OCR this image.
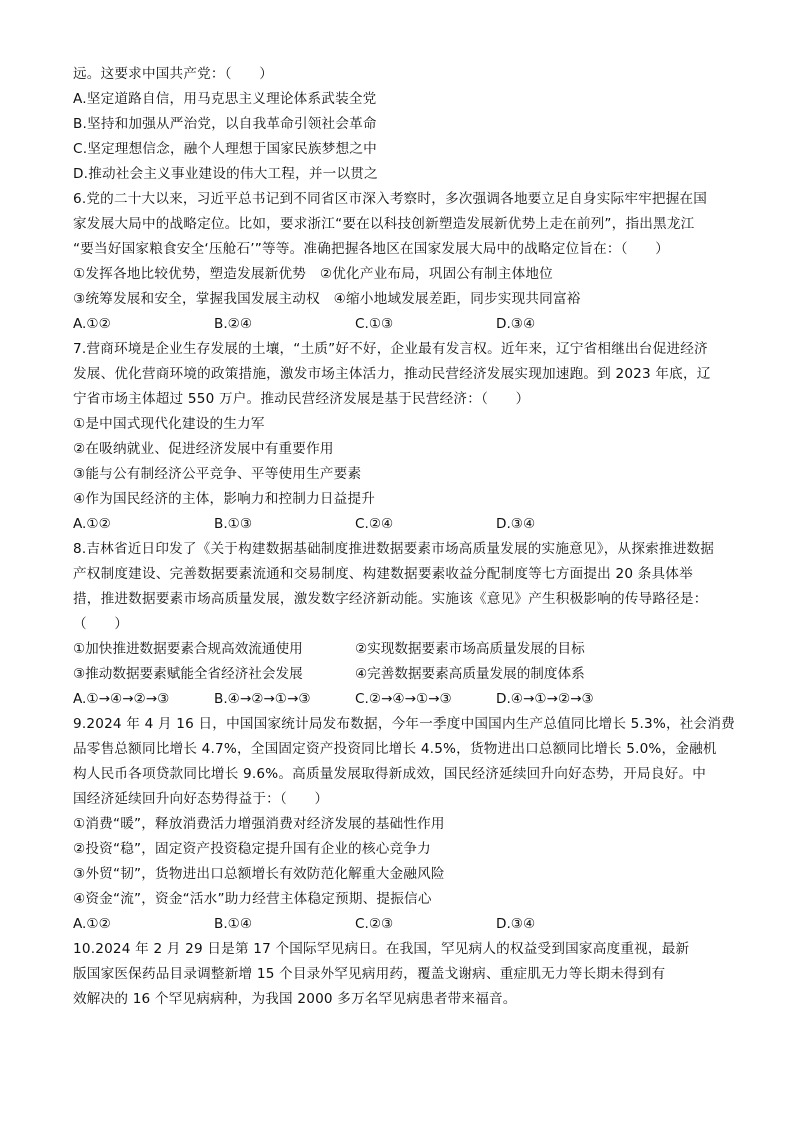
远。这要求中国共产党：（　　）
A.坚定道路自信，用马克思主义理论体系武装全党
B.坚持和加强从严治党，以自我革命引领社会革命
C.坚定理想信念，融个人理想于国家民族梦想之中
D.推动社会主义事业建设的伟大工程，并一以贯之
6.党的二十大以来，习近平总书记到不同省区市深入考察时，多次强调各地要立足自身实际牢牢把握在国
家发展大局中的战略定位。比如，要求浙江“要在以科技创新塑造发展新优势上走在前列”，指出黑龙江
“要当好国家粮食安全‘压舱石’”等等。准确把握各地区在国家发展大局中的战略定位旨在：（　　）
①发挥各地比较优势，塑造发展新优势　②优化产业布局，巩固公有制主体地位
③统筹发展和安全，掌握我国发展主动权　④缩小地域发展差距，同步实现共同富裕
A.①②	B.②④	C.①③	D.③④
7.营商环境是企业生存发展的土壤，“土质”好不好，企业最有发言权。近年来，辽宁省相继出台促进经济
发展、优化营商环境的政策措施，激发市场主体活力，推动民营经济发展实现加速跑。到 2023 年底，辽
宁省市场主体超过 550 万户。推动民营经济发展是基于民营经济：（　　）
①是中国式现代化建设的生力军
②在吸纳就业、促进经济发展中有重要作用
③能与公有制经济公平竞争、平等使用生产要素
④作为国民经济的主体，影响力和控制力日益提升
A.①②	B.①③	C.②④	D.③④
8.吉林省近日印发了《关于构建数据基础制度推进数据要素市场高质量发展的实施意见》，从探索推进数据
产权制度建设、完善数据要素流通和交易制度、构建数据要素收益分配制度等七方面提出 20 条具体举
措，推进数据要素市场高质量发展，激发数字经济新动能。实施该《意见》产生积极影响的传导路径是：
（　　）
①加快推进数据要素合规高效流通使用	②实现数据要素市场高质量发展的目标
③推动数据要素赋能全省经济社会发展	④完善数据要素高质量发展的制度体系
A.①→④→②→③	B.④→②→①→③	C.②→④→①→③	D.④→①→②→③
9.2024 年 4 月 16 日，中国国家统计局发布数据，今年一季度中国国内生产总值同比增长 5.3%，社会消费
品零售总额同比增长 4.7%，全国固定资产投资同比增长 4.5%，货物进出口总额同比增长 5.0%，金融机
构人民币各项贷款同比增长 9.6%。高质量发展取得新成效，国民经济延续回升向好态势，开局良好。中
国经济延续回升向好态势得益于：（　　）
①消费“暖”，释放消费活力增强消费对经济发展的基础性作用
②投资“稳”，固定资产投资稳定提升国有企业的核心竞争力
③外贸“韧”，货物进出口总额增长有效防范化解重大金融风险
④资金“流”，资金“活水”助力经营主体稳定预期、提振信心
A.①②	B.①④	C.②③	D.③④
10.2024 年 2 月 29 日是第 17 个国际罕见病日。在我国，罕见病人的权益受到国家高度重视，最新
版国家医保药品目录调整新增 15 个目录外罕见病用药，覆盖戈谢病、重症肌无力等长期未得到有
效解决的 16 个罕见病病种，为我国 2000 多万名罕见病患者带来福音。
